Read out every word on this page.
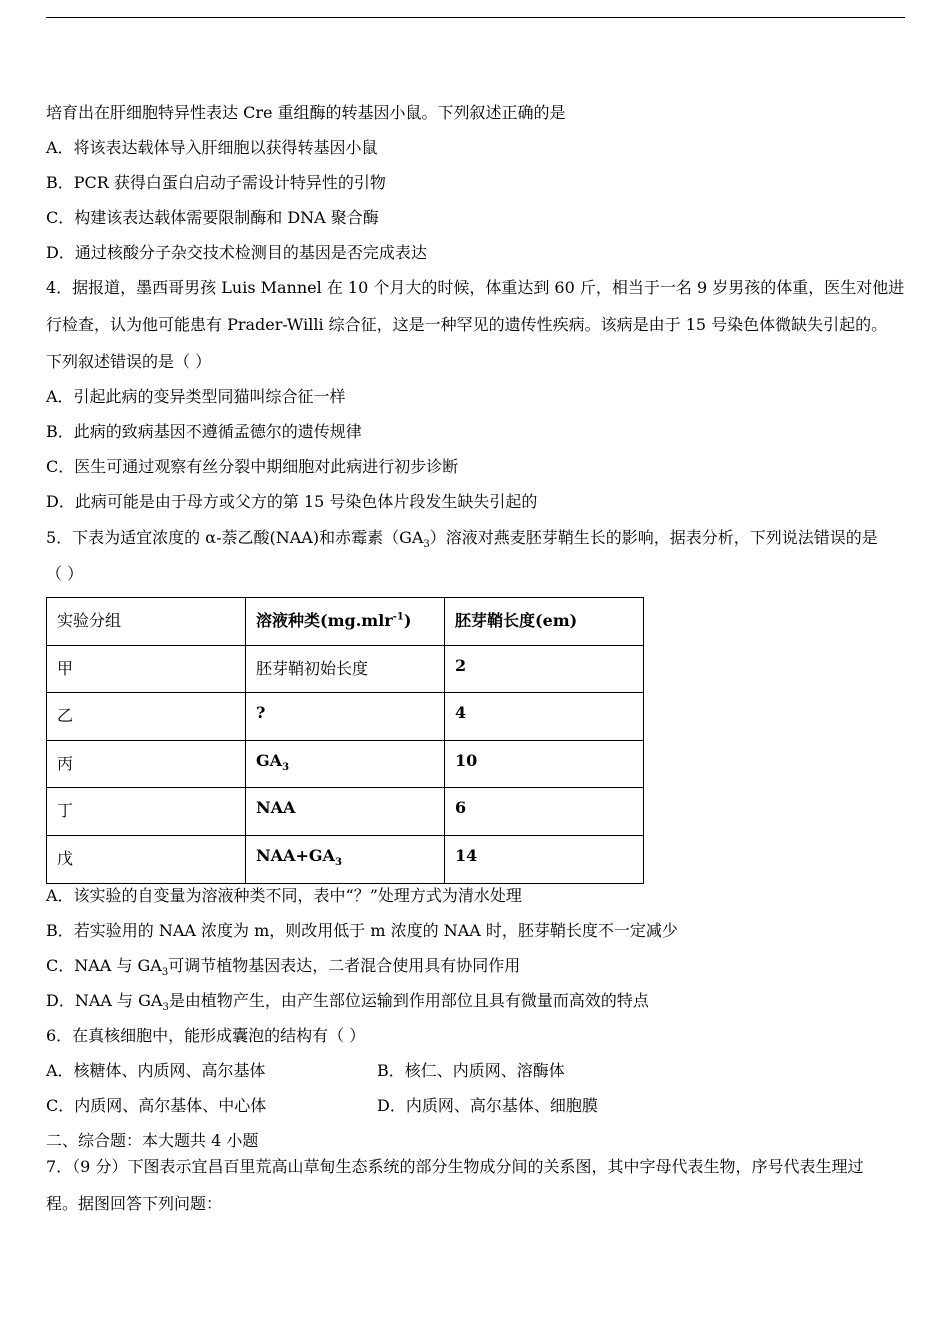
培育出在肝细胞特异性表达 Cre 重组酶的转基因小鼠。下列叙述正确的是
A．将该表达载体导入肝细胞以获得转基因小鼠
B．PCR 获得白蛋白启动子需设计特异性的引物
C．构建该表达载体需要限制酶和 DNA 聚合酶
D．通过核酸分子杂交技术检测目的基因是否完成表达
4．据报道，墨西哥男孩 Luis Mannel 在 10 个月大的时候，体重达到 60 斤，相当于一名 9 岁男孩的体重，医生对他进
行检查，认为他可能患有 Prader-Willi 综合征，这是一种罕见的遗传性疾病。该病是由于 15 号染色体微缺失引起的。
下列叙述错误的是（ ）
A．引起此病的变异类型同猫叫综合征一样
B．此病的致病基因不遵循孟德尔的遗传规律
C．医生可通过观察有丝分裂中期细胞对此病进行初步诊断
D．此病可能是由于母方或父方的第 15 号染色体片段发生缺失引起的
5．下表为适宜浓度的 α-萘乙酸(NAA)和赤霉素$(GA_3)$溶液对燕麦胚芽鞘生长的影响，据表分析，下列说法错误的是
（ ）
实验分组	溶液种类(mg.mlr$^{-1}$)	胚芽鞘长度(em)
甲	胚芽鞘初始长度	2
乙	?	4
丙	$GA_3$	10
丁	NAA	6
戊	$NAA+GA_3$	14
A．该实验的自变量为溶液种类不同，表中“？”处理方式为清水处理
B．若实验用的 NAA 浓度为 m，则改用低于 m 浓度的 NAA 时，胚芽鞘长度不一定减少
C．NAA 与 $GA_3$可调节植物基因表达，二者混合使用具有协同作用
D．NAA 与 $GA_3$是由植物产生，由产生部位运输到作用部位且具有微量而高效的特点
6．在真核细胞中，能形成囊泡的结构有（ ）
A．核糖体、内质网、高尔基体	B．核仁、内质网、溶酶体
C．内质网、高尔基体、中心体	D．内质网、高尔基体、细胞膜
二、综合题：本大题共 4 小题
7．（9 分）下图表示宜昌百里荒高山草甸生态系统的部分生物成分间的关系图，其中字母代表生物，序号代表生理过
程。据图回答下列问题：
